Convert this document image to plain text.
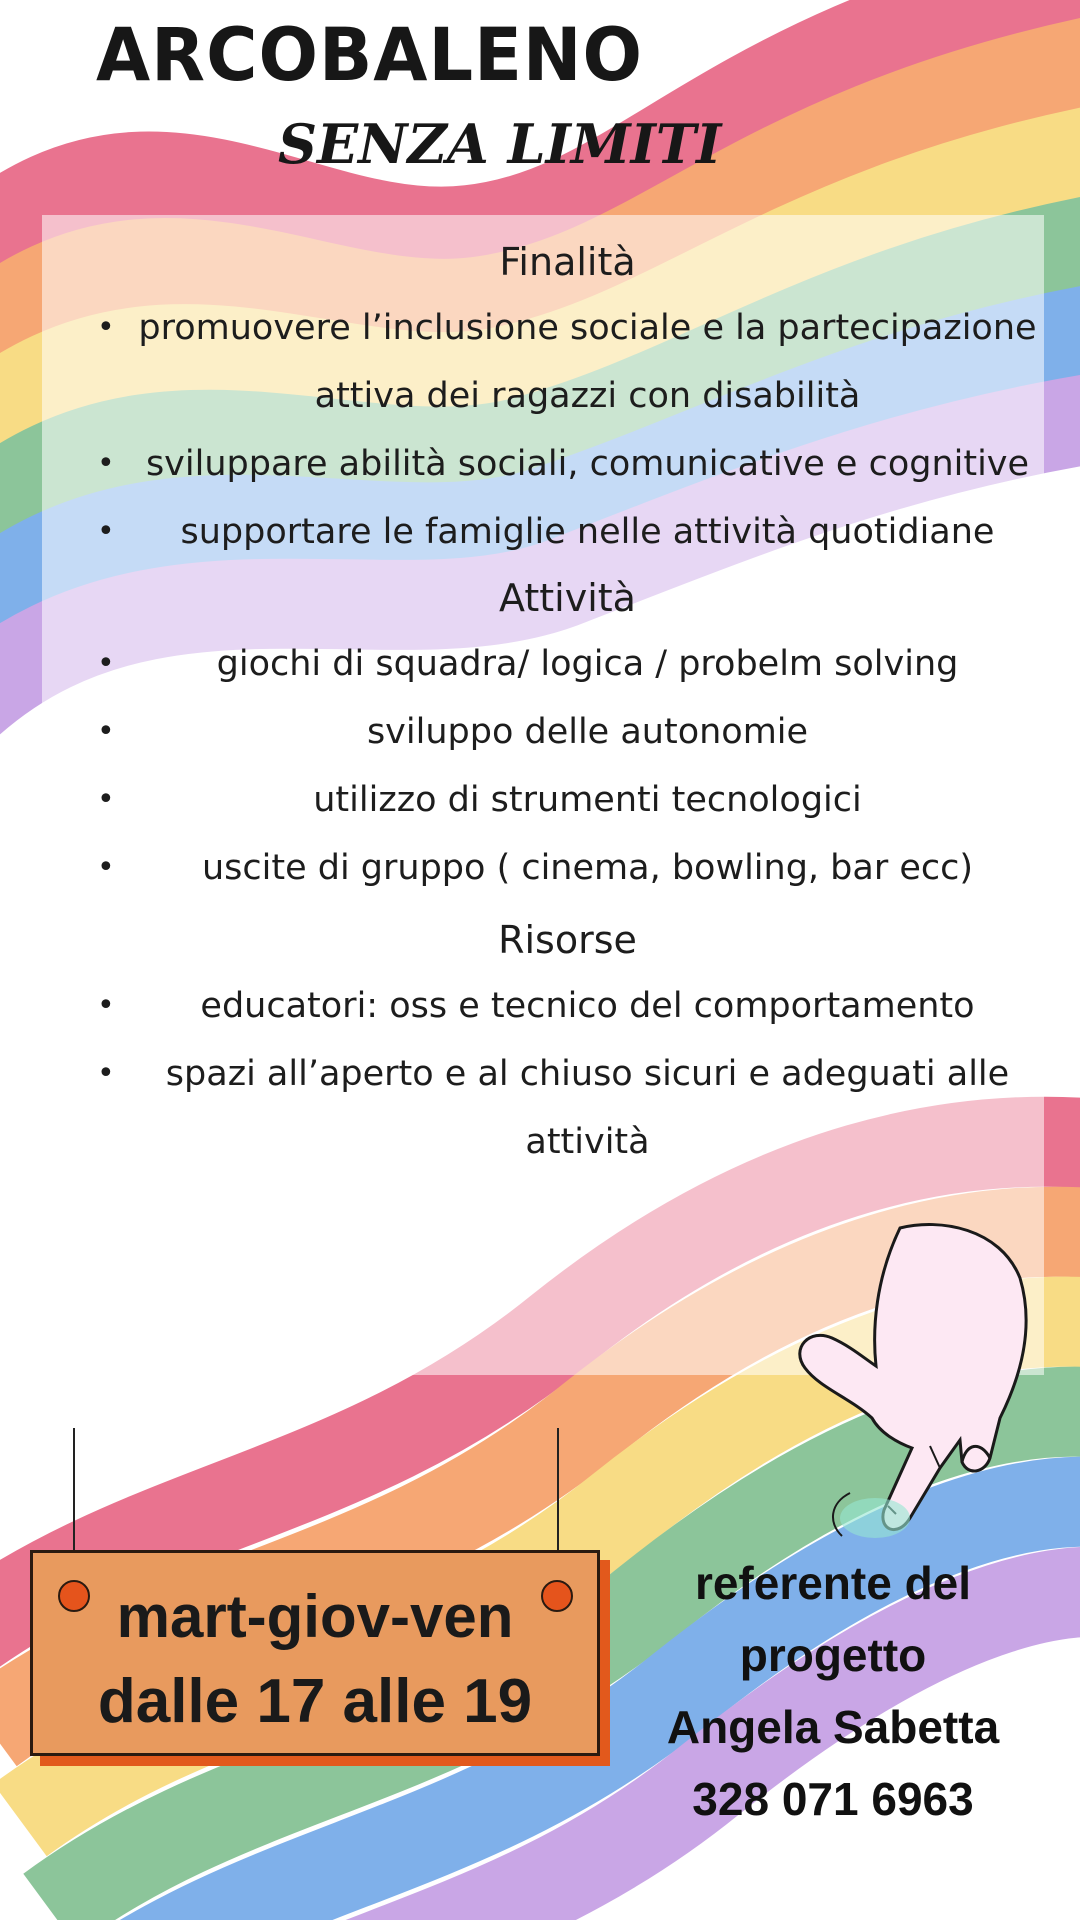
ARCOBALENO
SENZA LIMITI
Finalità
• promuovere l’inclusione sociale e la partecipazione attiva dei ragazzi con disabilità
• sviluppare abilità sociali, comunicative e cognitive
• supportare le famiglie nelle attività quotidiane
Attività
•	giochi di squadra/ logica / probelm solving
•	sviluppo delle autonomie
•	utilizzo di strumenti tecnologici
• uscite di gruppo ( cinema, bowling, bar ecc)
Risorse
• educatori: oss e tecnico del comportamento
• spazi all’aperto e al chiuso sicuri e adeguati alle attività
mart-giov-ven
dalle 17 alle 19
referente del
progetto
Angela Sabetta
328 071 6963
